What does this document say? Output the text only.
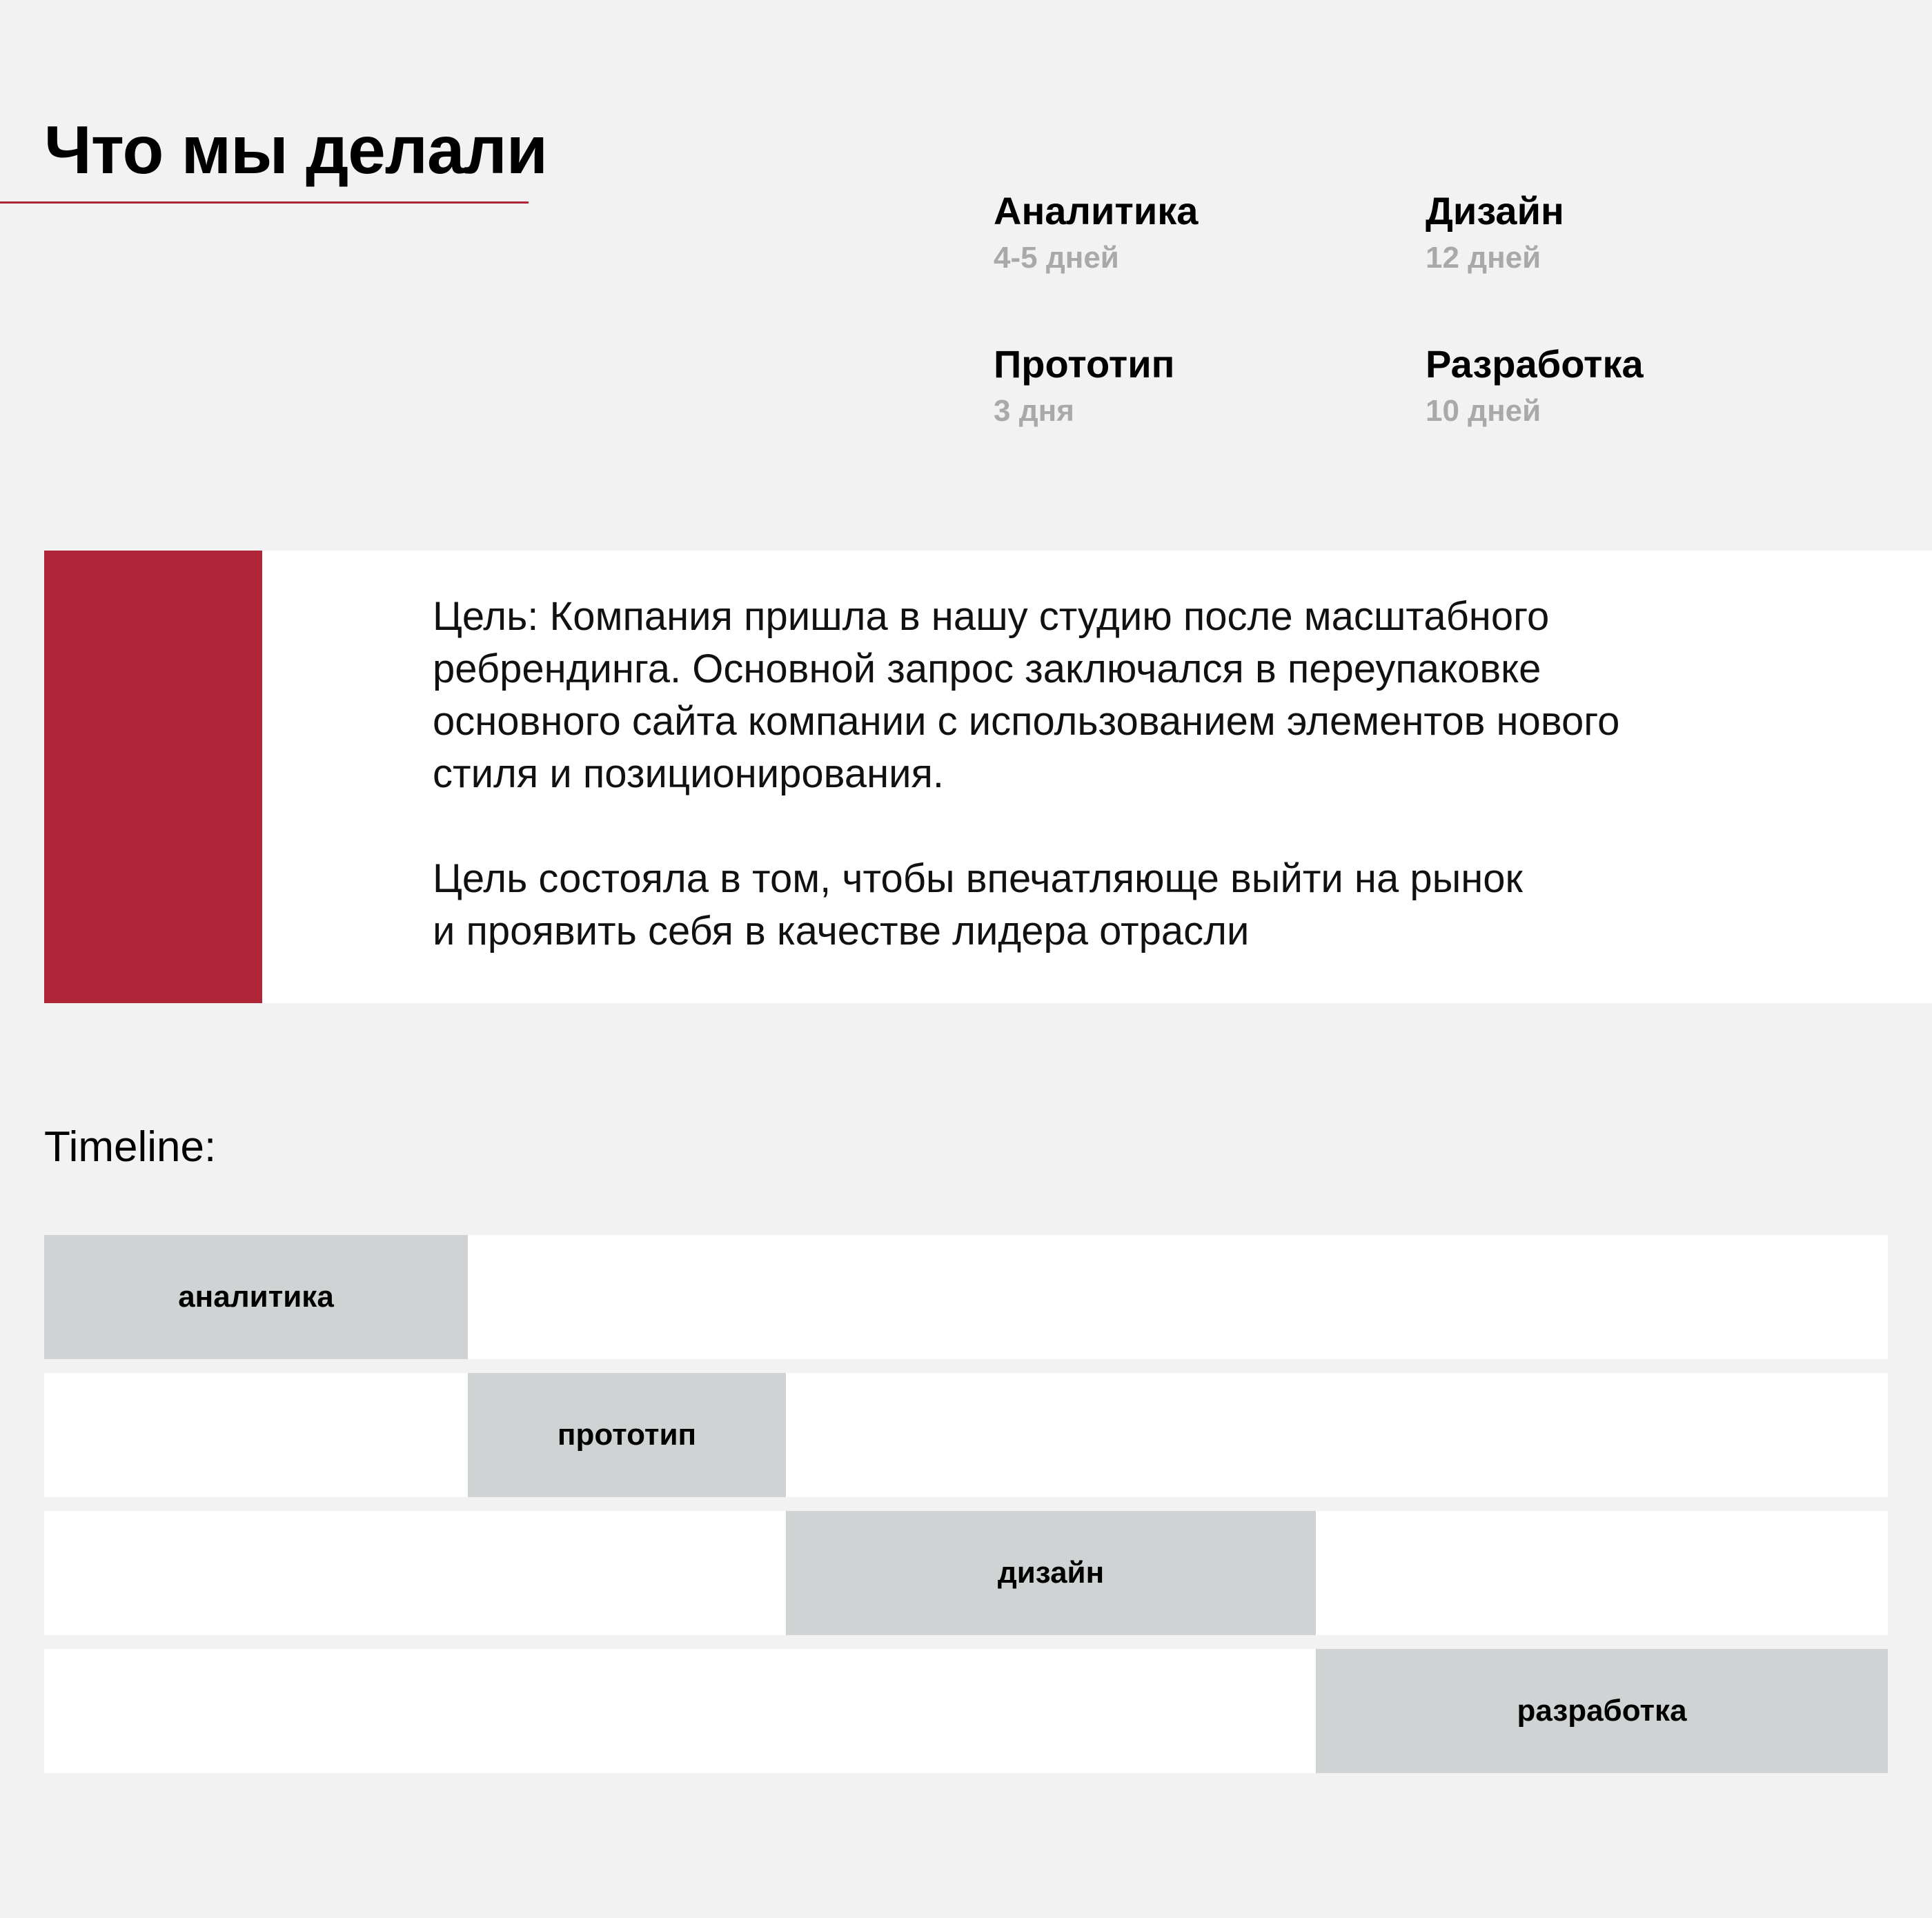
Что мы делали
Аналитика
4-5 дней
Дизайн
12 дней
Прототип
3 дня
Разработка
10 дней

Цель: Компания пришла в нашу студию после масштабного

ребрендинга. Основной запрос заключался в переупаковке

основного сайта компании с использованием элементов нового

стиля и позиционирования.

Цель состояла в том, чтобы впечатляюще выйти на рынок

и проявить себя в качестве лидера отрасли

Timeline:
аналитика
прототип
дизайн
разработка
